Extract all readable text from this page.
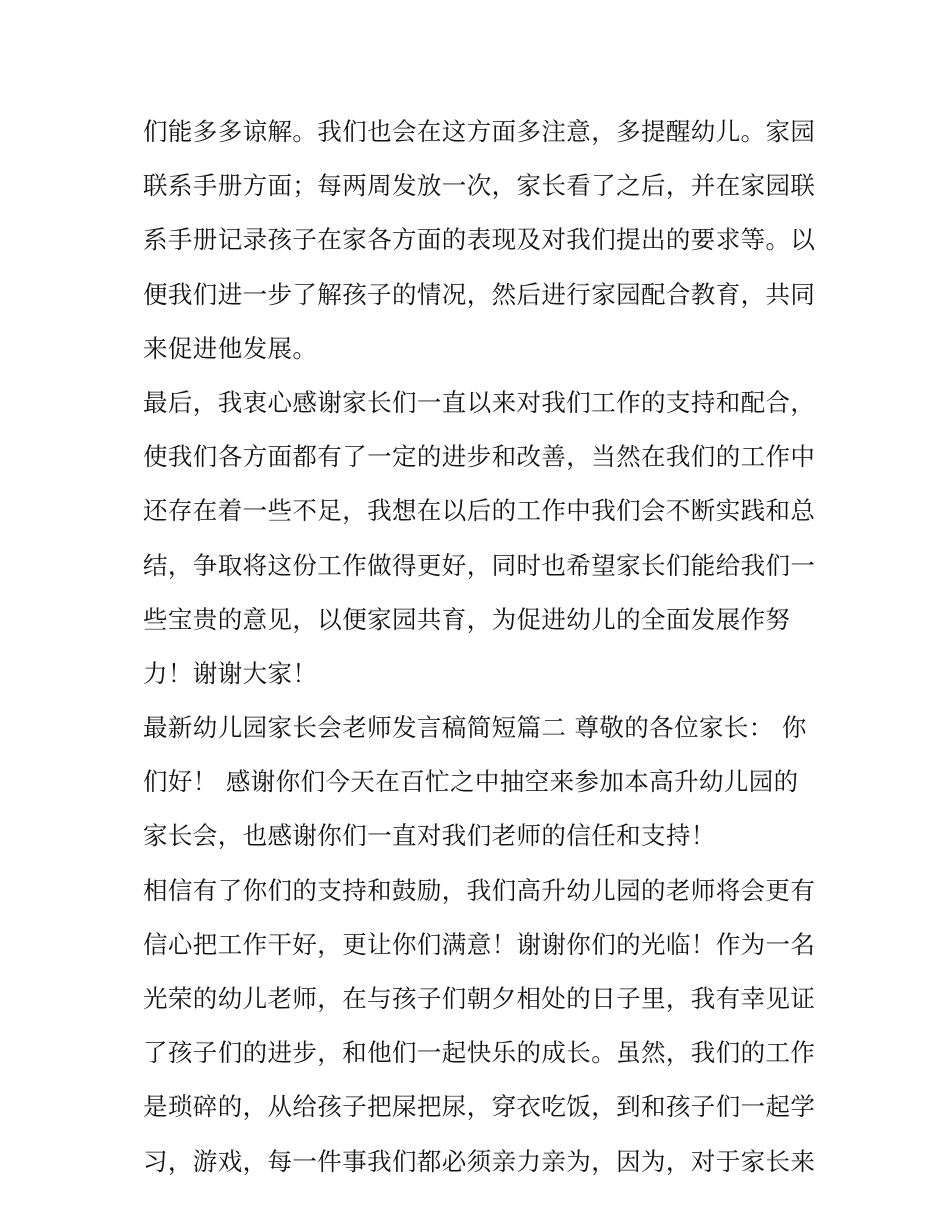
们能多多谅解。我们也会在这方面多注意，多提醒幼儿。家园
联系手册方面；每两周发放一次，家长看了之后，并在家园联
系手册记录孩子在家各方面的表现及对我们提出的要求等。以
便我们进一步了解孩子的情况，然后进行家园配合教育，共同
来促进他发展。
最后，我衷心感谢家长们一直以来对我们工作的支持和配合，
使我们各方面都有了一定的进步和改善，当然在我们的工作中
还存在着一些不足，我想在以后的工作中我们会不断实践和总
结，争取将这份工作做得更好，同时也希望家长们能给我们一
些宝贵的意见，以便家园共育，为促进幼儿的全面发展作努
力！谢谢大家！
最新幼儿园家长会老师发言稿简短篇二 尊敬的各位家长： 你
们好！ 感谢你们今天在百忙之中抽空来参加本高升幼儿园的
家长会，也感谢你们一直对我们老师的信任和支持！
相信有了你们的支持和鼓励，我们高升幼儿园的老师将会更有
信心把工作干好，更让你们满意！谢谢你们的光临！作为一名
光荣的幼儿老师，在与孩子们朝夕相处的日子里，我有幸见证
了孩子们的进步，和他们一起快乐的成长。虽然，我们的工作
是琐碎的，从给孩子把屎把尿，穿衣吃饭，到和孩子们一起学
习，游戏，每一件事我们都必须亲力亲为，因为，对于家长来
